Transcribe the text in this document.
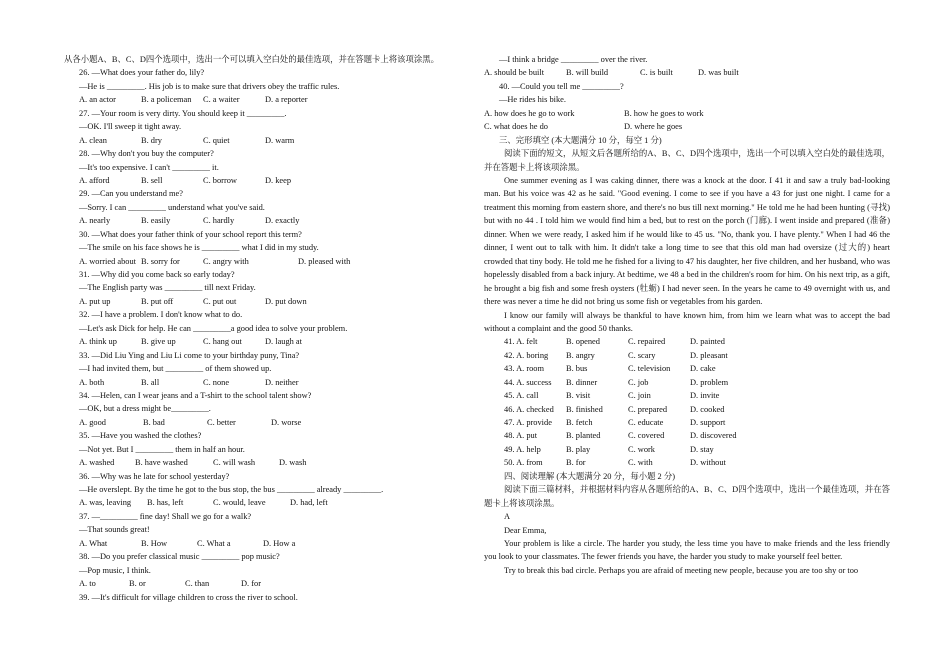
从各小题A、B、C、D四个选项中，选出一个可以填入空白处的最佳选项，并在答题卡上将该项涂黑。
26. —What does your father do, lily?
—He is _________. His job is to make sure that drivers obey the traffic rules.
A. an actor	B. a policeman C. a waiter	D. a reporter
27. —Your room is very dirty. You should keep it _________.
—OK. I'll sweep it tight away.
A. clean	B. dry	C. quiet	D. warm
28. —Why don't you buy the computer?
—It's too expensive. I can't _________ it.
A. afford	B. sell	C. borrow	D. keep
29. —Can you understand me?
—Sorry. I can _________ understand what you've said.
A. nearly	B. easily	C. hardly	D. exactly
30. —What does your father think of your school report this term?
—The smile on his face shows he is _________ what I did in my study.
A. worried about B. sorry for	C. angry with	D. pleased with
31. —Why did you come back so early today?
—The English party was _________ till next Friday.
A. put up	B. put off	C. put out	D. put down
32. —I have a problem. I don't know what to do.
—Let's ask Dick for help. He can _________a good idea to solve your problem.
A. think up	B. give up	C. hang out	D. laugh at
33. —Did Liu Ying and Liu Li come to your birthday puny, Tina?
—I had invited them, but _________ of them showed up.
A. both	B. all	C. none	D. neither
34. —Helen, can I wear jeans and a T-shirt to the school talent show?
—OK, but a dress might be_________.
A. good	B. bad	C. better	D. worse
35. —Have you washed the clothes?
—Not yet. But I _________ them in half an hour.
A. washed B. have washed	C. will wash	D. wash
36. —Why was he late for school yesterday?
—He overslept. By the time he got to the bus stop, the bus _________ already _________.
A. was, leaving B. has, left	C. would, leave	D. had, left
37. —_________ fine day! Shall we go for a walk?
—That sounds great!
A. What	B. How	C. What a	D. How a
38. —Do you prefer classical music _________ pop music?
—Pop music, I think.
A. to	B. or	C. than	D. for
39. —It's difficult for village children to cross the river to school.
—I think a bridge _________ over the river.
A. should be built	B. will build	C. is built	D. was built
40. —Could you tell me _________?
—He rides his bike.
A. how does he go to work	B. how he goes to work
C. what does he do	D. where he goes
三、完形填空 (本大题满分 10 分，每空 1 分)
阅读下面的短文，从短文后各题所给的A、B、C、D四个选项中，选出一个可以填入空白处的最佳选项，并在答题卡上将该项涂黑。
One summer evening as I was caking dinner, there was a knock at the door. I 41 it and saw a truly bad-looking man. But his voice was 42 as he said. "Good evening. I come to see if you have a 43 for just one night. I came for a treatment this morning from eastern shore, and there's no bus till next morning." He told me he had been hunting (寻找) but with no 44 . I told him we would find him a bed, but to rest on the porch (门廊). I went inside and prepared (准备) dinner. When we were ready, I asked him if he would like to 45 us. "No, thank you. I have plenty." When I had 46 the dinner, I went out to talk with him. It didn't take a long time to see that this old man had oversize (过大的) heart crowded that tiny body. He told me he fished for a living to 47 his daughter, her five children, and her husband, who was hopelessly disabled from a back injury. At bedtime, we 48 a bed in the children's room for him. On his next trip, as a gift, he brought a big fish and some fresh oysters (牡蛎) I had never seen. In the years he came to 49 overnight with us, and there was never a time he did not bring us some fish or vegetables from his garden.
I know our family will always be thankful to have known him, from him we learn what was to accept the bad without a complaint and the good 50 thanks.
41. A. felt	B. opened	C. repaired	D. painted
42. A. boring B. angry	C. scary	D. pleasant
43. A. room	B. bus	C. television D. cake
44. A. success B. dinner	C. job	D. problem
45. A. call	B. visit	C. join	D. invite
46. A. checked B. finished	C. prepared	D. cooked
47. A. provide B. fetch	C. educate	D. support
48. A. put	B. planted	C. covered	D. discovered
49. A. help	B. play	C. work	D. stay
50. A. from	B. for	C. with	D. without
四、阅读理解 (本大题满分 20 分，每小题 2 分)
阅读下面三篇材料，并根据材料内容从各题所给的A、B、C、D四个选项中，选出一个最佳选项，并在答题卡上将该项涂黑。
A
Dear Emma,
Your problem is like a circle. The harder you study, the less time you have to make friends and the less friendly you look to your classmates. The fewer friends you have, the harder you study to make yourself feel better.
Try to break this bad circle. Perhaps you are afraid of meeting new people, because you are too shy or too
